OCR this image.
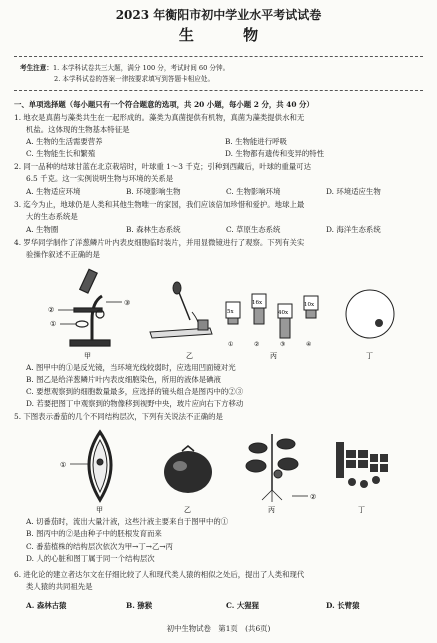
2023 年衡阳市初中学业水平考试试卷
生 物
考生注意：1. 本学科试卷共三大题，满分 100 分，考试时间 60 分钟。
2. 本学科试卷的答案一律按要求填写到答题卡相应处。
一、单项选择题（每小题只有一个符合题意的选项，共 20 小题，每小题 2 分，共 40 分）
1. 地衣是真菌与藻类共生在一起形成的。藻类为真菌提供有机物，真菌为藻类提供水和无
机盐。这体现的生物基本特征是
A. 生物的生活需要营养	B. 生物能进行呼吸
C. 生物能生长和繁殖	D. 生物都有遗传和变异的特性
2. 同一品种的结球甘蓝在北京栽培时，叶球重 1～3 千克；引种到西藏后，叶球的重量可达
6.5 千克。这一实例说明生物与环境的关系是
A. 生物适应环境	B. 环境影响生物	C. 生物影响环境	D. 环境适应生物
3. 迄今为止，地球仍是人类和其他生物唯一的家园，我们应该倍加珍惜和爱护。地球上最
大的生态系统是
A. 生物圈	B. 森林生态系统	C. 草原生态系统	D. 海洋生态系统
4. 罗华同学制作了洋葱鳞片叶内表皮细胞临时装片，并用显微镜进行了观察。下列有关实
验操作叙述不正确的是
①
②
③
甲	乙
5x
16x
40x
10x
①	②	③	④
丙	丁
A. 图甲中的①是反光镜，当环境光线较弱时，应选用凹面镜对光
B. 图乙是给洋葱鳞片叶内表皮细胞染色，所用的液体是碘液
C. 要想观察到的细胞数量最多，应选择的镜头组合是图丙中的②③
D. 若要把图丁中观察到的物像移到视野中央，玻片应向右下方移动
5. 下图表示番茄的几个不同结构层次，下列有关说法不正确的是
①
甲	乙
②
丙	丁
A. 切番茄时，流出大量汁液，这些汁液主要来自于图甲中的①
B. 图丙中的②是由种子中的胚根发育而来
C. 番茄植株的结构层次依次为甲→丁→乙→丙
D. 人的心脏和图丁属于同一个结构层次
6. 进化论的建立者达尔文在仔细比较了人和现代类人猿的相似之处后，提出了人类和现代
类人猿的共同祖先是
A. 森林古猿	B. 猕猴	C. 大猩猩	D. 长臂猿
初中生物试卷　第1页　(共6页)
